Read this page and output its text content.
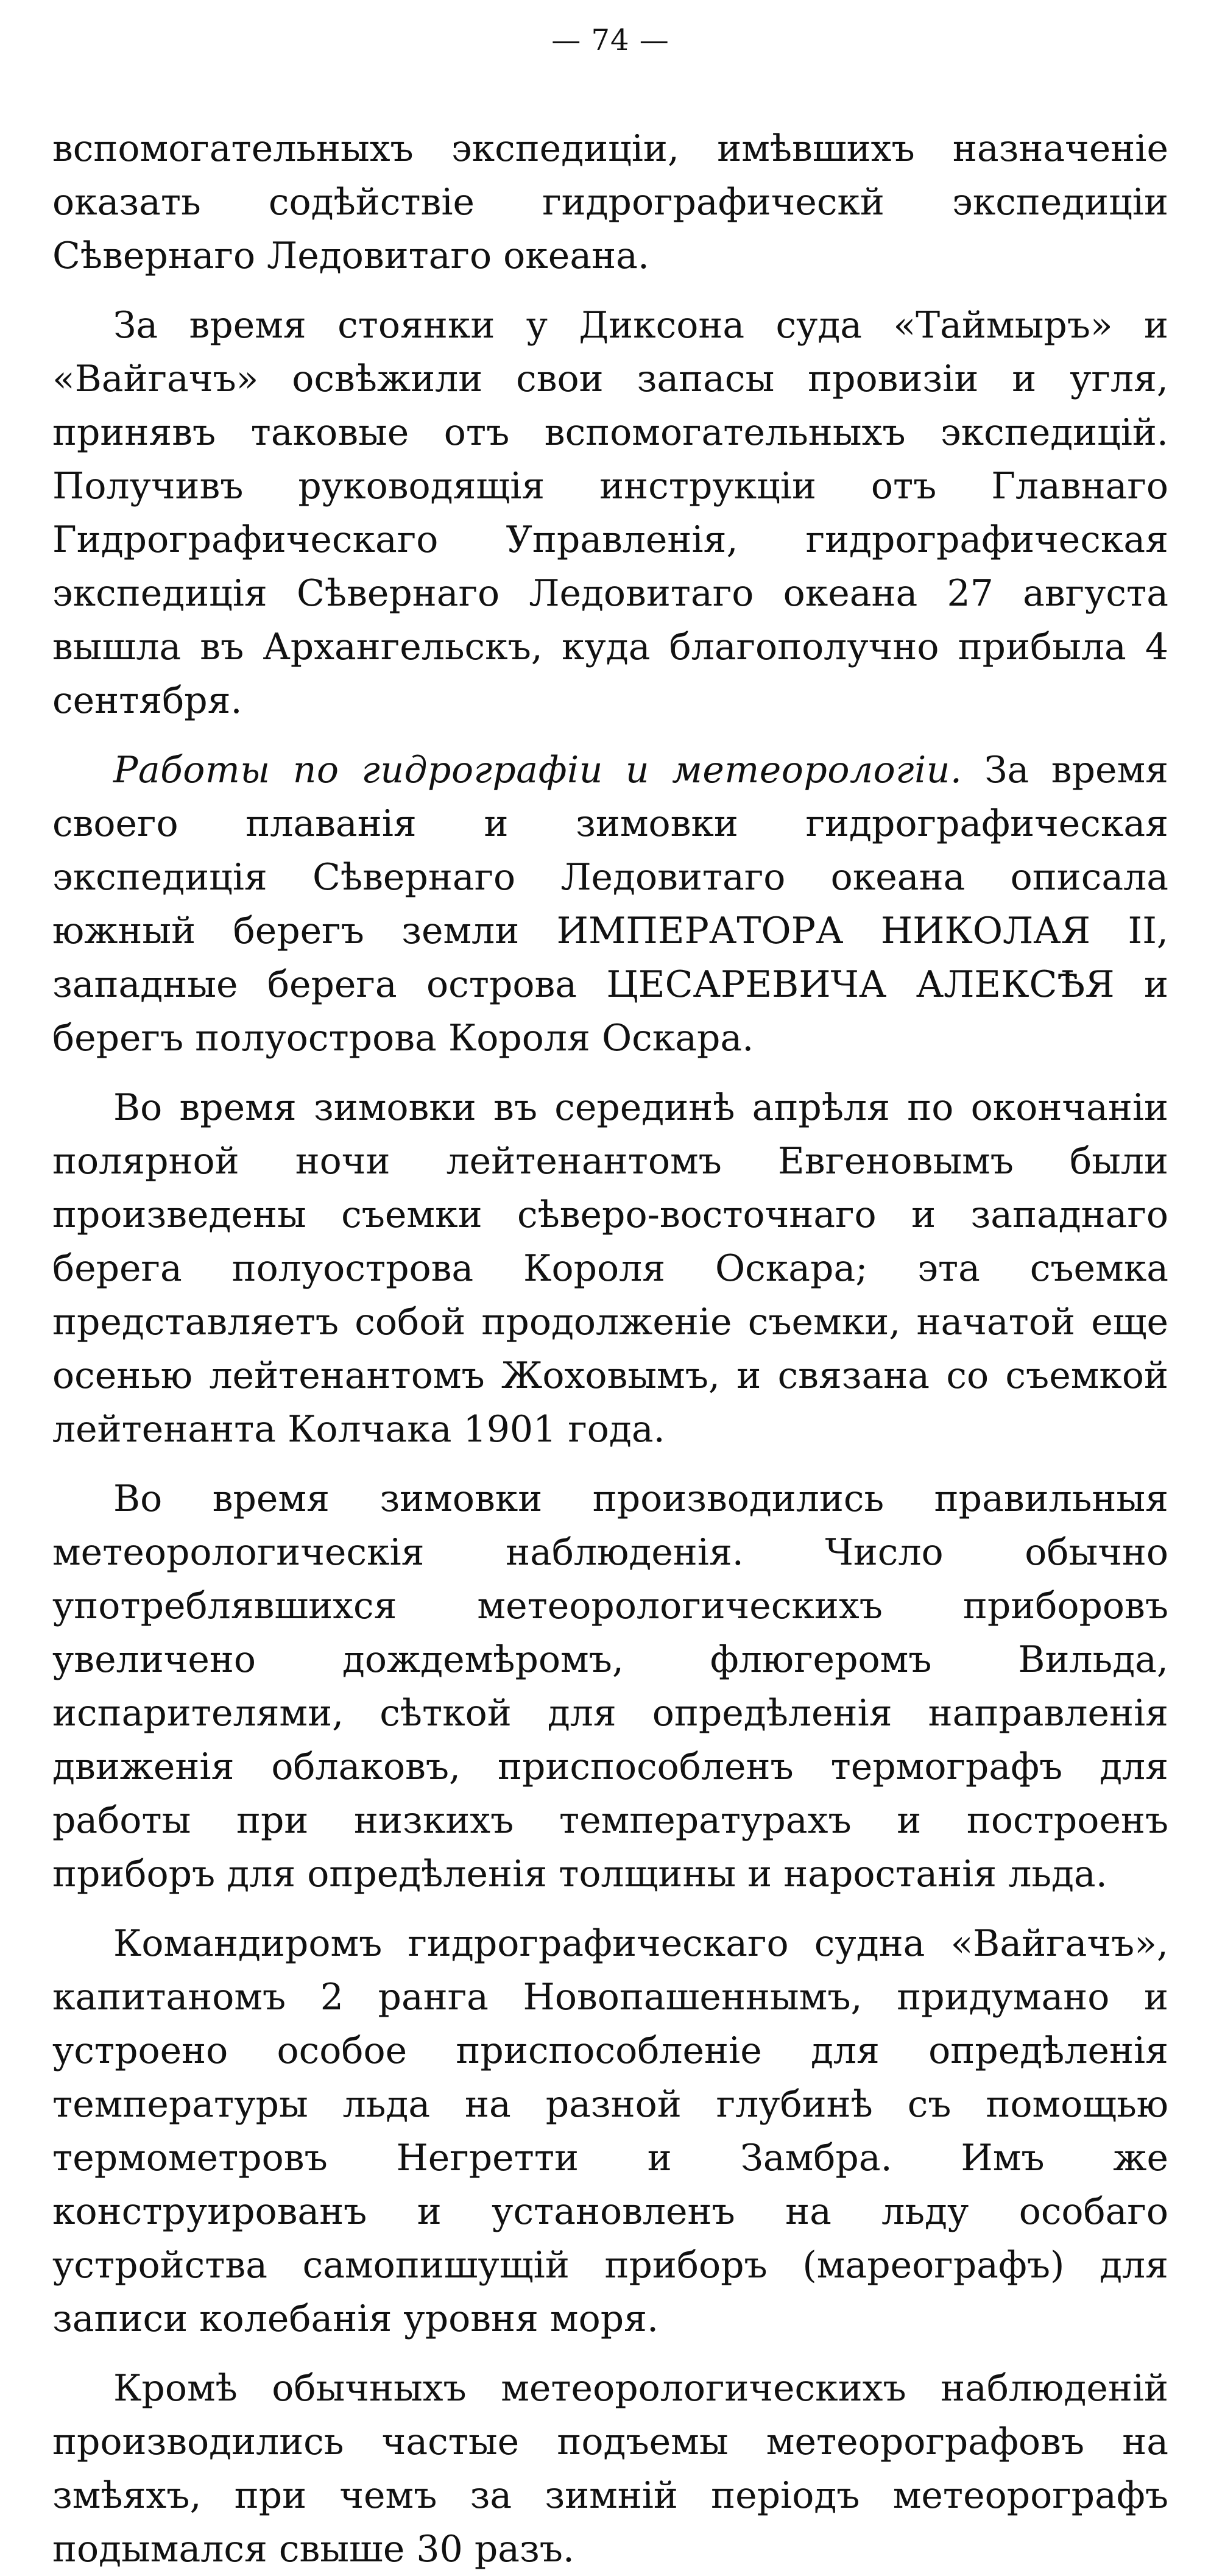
— 74 —

вспомогательныхъ экспедиціи, имѣвшихъ назначеніе оказать содѣйствіе гидрографическй экспедиціи Сѣвернаго Ледовитаго океана.

За время стоянки у Диксона суда «Таймыръ» и «Вайгачъ» освѣжили свои запасы провизіи и угля, принявъ таковые отъ вспомогательныхъ экспедицій. Получивъ руководящія инструкціи отъ Главнаго Гидрографическаго Управленія, гидрографическая экспедиція Сѣвернаго Ледовитаго океана 27 августа вышла въ Архангельскъ, куда благополучно прибыла 4 сентября.

Работы по гидрографіи и метеорологіи. За время своего плаванія и зимовки гидрографическая экспедиція Сѣвернаго Ледовитаго океана описала южный берегъ земли ИМПЕРАТОРА НИКОЛАЯ II, западные берега острова ЦЕСАРЕВИЧА АЛЕКСѢЯ и берегъ полуострова Короля Оскара.

Во время зимовки въ серединѣ апрѣля по окончаніи полярной ночи лейтенантомъ Евгеновымъ были произведены съемки сѣверо-восточнаго и западнаго берега полуострова Короля Оскара; эта съемка представляетъ собой продолженіе съемки, начатой еще осенью лейтенантомъ Жоховымъ, и связана со съемкой лейтенанта Колчака 1901 года.

Во время зимовки производились правильныя метеорологическія наблюденія. Число обычно употреблявшихся метеорологическихъ приборовъ увеличено дождемѣромъ, флюгеромъ Вильда, испарителями, сѣткой для опредѣленія направленія движенія облаковъ, приспособленъ термографъ для работы при низкихъ температурахъ и построенъ приборъ для опредѣленія толщины и наростанія льда.

Командиромъ гидрографическаго судна «Вайгачъ», капитаномъ 2 ранга Новопашеннымъ, придумано и устроено особое приспособленіе для опредѣленія температуры льда на разной глубинѣ съ помощью термометровъ Негретти и Замбра. Имъ же конструированъ и установленъ на льду особаго устройства самопишущій приборъ (мареографъ) для записи колебанія уровня моря.

Кромѣ обычныхъ метеорологическихъ наблюденій производились частые подъемы метеорографовъ на змѣяхъ, при чемъ за зимній періодъ метеорографъ подымался свыше 30 разъ.
